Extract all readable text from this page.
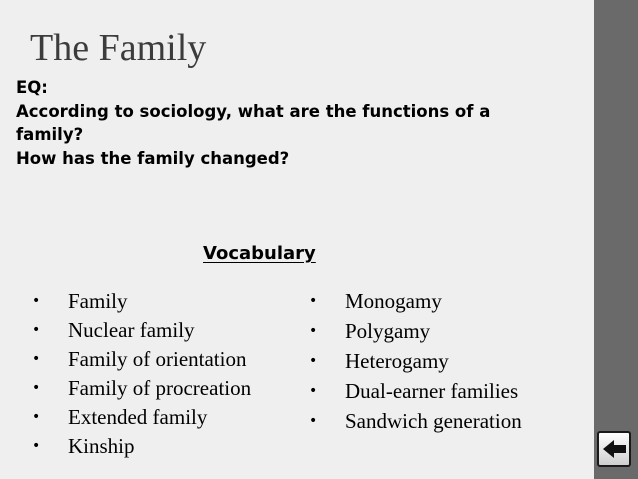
The Family
EQ:
According to sociology, what are the functions of a
family?
How has the family changed?
Vocabulary
• Family
• Nuclear family
• Family of orientation
• Family of procreation
• Extended family
• Kinship
• Monogamy
• Polygamy
• Heterogamy
• Dual-earner families
• Sandwich generation
